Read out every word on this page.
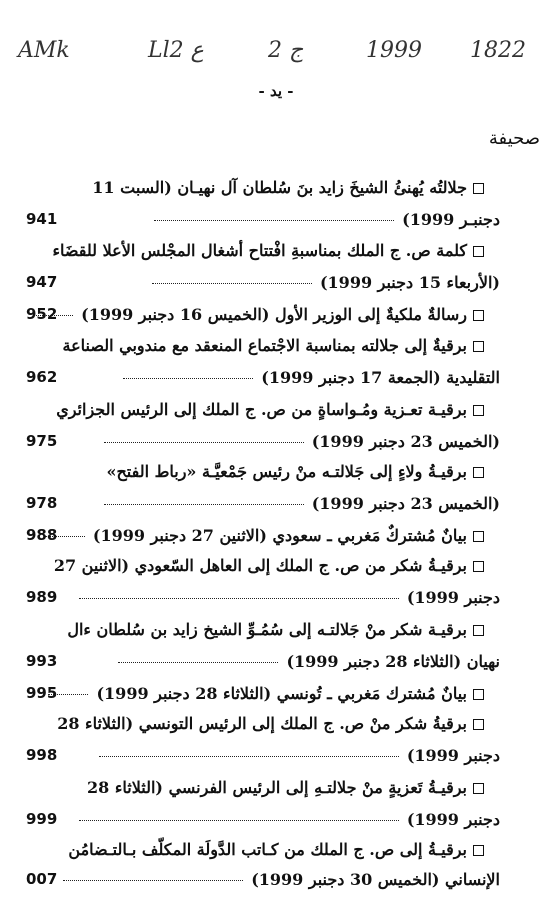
AMk	Ll2 ع	2 ج	1999 1822
- يد -
صحيفة
جلالتُه يُهنئُ الشيخَ زايد بنَ سُلطان آل نهيـان (السبت 11
دجنبـر 1999)
941
كلمة ص. ج الملك بمناسبةِ افْتتاح أشغال المجْلس الأعلا للقضَاء
(الأربعاء 15 دجنبر 1999)
947
رسالةٌ ملكيةٌ إلى الوزير الأول (الخميس 16 دجنبر 1999)
952
برقيةٌ إلى جلالته بمناسبة الاجْتماع المنعقد مع مندوبي الصناعة
التقليدية (الجمعة 17 دجنبر 1999)
962
برقيـة تعـزية ومُـواساةٍ من ص. ج الملك إلى الرئيس الجزائري
(الخميس 23 دجنبر 1999)
975
برقيـةُ ولاءٍ إلى جَلالتـه منْ رئيس جَمْعيَّـة «رباط الفتح»
(الخميس 23 دجنبر 1999)
978
بيانٌ مُشتركٌ مَغربي ـ سعودي (الاثنين 27 دجنبر 1999)
988
برقيـةُ شكر من ص. ج الملك إلى العاهل السّعودي (الاثنين 27
دجنبر 1999)
989
برقيـة شكر منْ جَلالتـه إلى سُمُـوِّ الشيخ زايد بن سُلطان ءال
نهيان (الثلاثاء 28 دجنبر 1999)
993
بيانٌ مُشترك مَغربي ـ تُونسي (الثلاثاء 28 دجنبر 1999)
995
برقيةُ شكر منْ ص. ج الملك إلى الرئيس التونسي (الثلاثاء 28
دجنبر 1999)
998
برقيـةُ تَعزيةٍ منْ جلالتـهِ إلى الرئيس الفرنسي (الثلاثاء 28
دجنبر 1999)
999
برقيـةُ إلى ص. ج الملك من كـاتب الدَّولَة المكلّف بـالتـضامُن
الإنساني (الخميس 30 دجنبر 1999)
007
